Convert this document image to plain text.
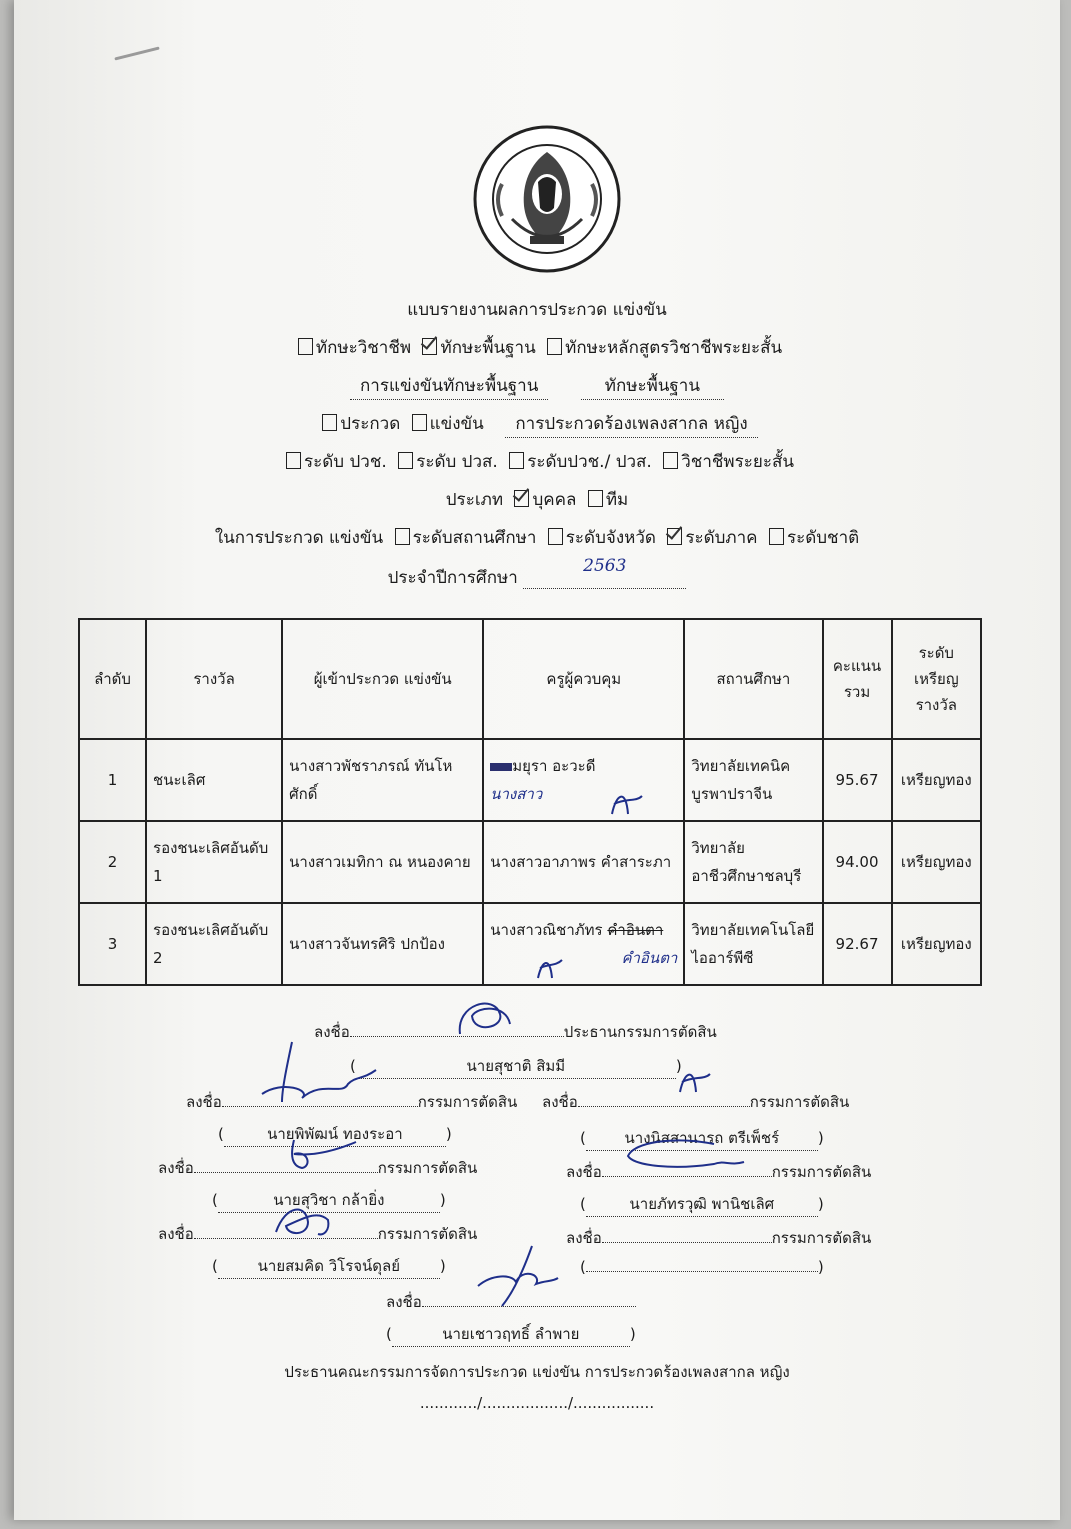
แบบรายงานผลการประกวด แข่งขัน
ทักษะวิชาชีพ ทักษะพื้นฐาน ทักษะหลักสูตรวิชาชีพระยะสั้น
การแข่งขันทักษะพื้นฐาน	ทักษะพื้นฐาน
ประกวด แข่งขัน การประกวดร้องเพลงสากล หญิง
ระดับ ปวช. ระดับ ปวส. ระดับปวช./ ปวส. วิชาชีพระยะสั้น
ประเภท บุคคล ทีม
ในการประกวด แข่งขัน ระดับสถานศึกษา ระดับจังหวัด ระดับภาค ระดับชาติ
ประจำปีการศึกษา 2563
ลำดับ	รางวัล	ผู้เข้าประกวด แข่งขัน	ครูผู้ควบคุม	สถานศึกษา	คะแนน รวม	ระดับ เหรียญ รางวัล
1	ชนะเลิศ	นางสาวพัชราภรณ์ ทันโหศักดิ์	มยุรา อะวะดี
นางสาว	วิทยาลัยเทคนิคบูรพาปราจีน	95.67	เหรียญทอง
2	รองชนะเลิศอันดับ 1	นางสาวเมทิกา ณ หนองคาย	นางสาวอาภาพร คำสาระภา	วิทยาลัยอาชีวศึกษาชลบุรี	94.00	เหรียญทอง
3	รองชนะเลิศอันดับ 2	นางสาวจันทรศิริ ปกป้อง	นางสาวณิชาภัทร คำอินตา
คำอินตา	วิทยาลัยเทคโนโลยีไออาร์พีซี	92.67	เหรียญทอง
ลงชื่อ	ประธานกรรมการตัดสิน
(	นายสุชาติ สิมมี	)
ลงชื่อ	กรรมการตัดสิน ลงชื่อ	กรรมการตัดสิน
(	นายพิพัฒน์ ทองระอา	)	(	นางนิสสานารถ ตรีเพ็ชร์	)
ลงชื่อ	กรรมการตัดสิน	ลงชื่อ	กรรมการตัดสิน
(	นายสุวิชา กล้ายิ่ง	)	(	นายภัทรวุฒิ พานิชเลิศ	)
ลงชื่อ	กรรมการตัดสิน	ลงชื่อ	กรรมการตัดสิน
(	นายสมคิด วิโรจน์ดุลย์	)	(	)
ลงชื่อ
(	นายเชาวฤทธิ์ ลำพาย	)
ประธานคณะกรรมการจัดการประกวด แข่งขัน การประกวดร้องเพลงสากล หญิง
............/................../.................
